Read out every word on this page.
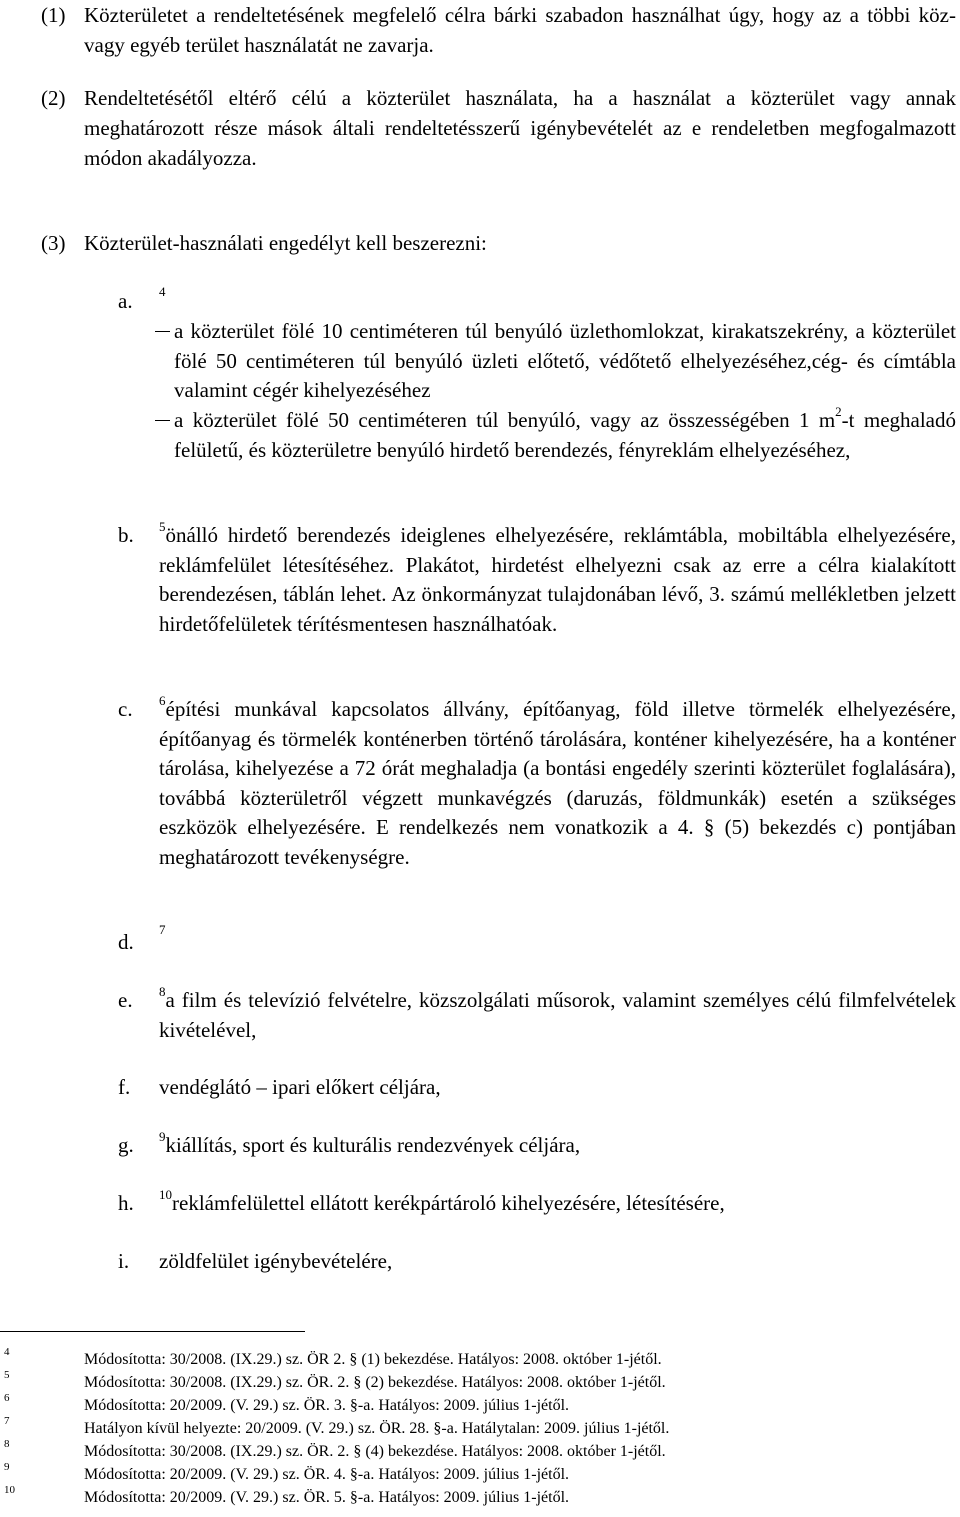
(1) Közterületet a rendeltetésének megfelelő célra bárki szabadon használhat úgy, hogy az a többi köz- vagy egyéb terület használatát ne zavarja.
(2) Rendeltetésétől eltérő célú a közterület használata, ha a használat a közterület vagy annak meghatározott része mások általi rendeltetésszerű igénybevételét az e rendeletben megfogalmazott módon akadályozza.
(3) Közterület-használati engedélyt kell beszerezni:
a. 4
a közterület fölé 10 centiméteren túl benyúló üzlethomlokzat, kirakatszekrény, a közterület fölé 50 centiméteren túl benyúló üzleti előtető, védőtető elhelyezéséhez,cég- és címtábla valamint cégér kihelyezéséhez
a közterület fölé 50 centiméteren túl benyúló, vagy az összességében 1 $m^2-t$ meghaladó felületű, és közterületre benyúló hirdető berendezés, fényreklám elhelyezéséhez,
b. $^5$önálló hirdető berendezés ideiglenes elhelyezésére, reklámtábla, mobiltábla elhelyezésére, reklámfelület létesítéséhez. Plakátot, hirdetést elhelyezni csak az erre a célra kialakított berendezésen, táblán lehet. Az önkormányzat tulajdonában lévő, 3. számú mellékletben jelzett hirdetőfelületek térítésmentesen használhatóak.
c. $^6$építési munkával kapcsolatos állvány, építőanyag, föld illetve törmelék elhelyezésére, építőanyag és törmelék konténerben történő tárolására, konténer kihelyezésére, ha a konténer tárolása, kihelyezése a 72 órát meghaladja (a bontási engedély szerinti közterület foglalására), továbbá közterületről végzett munkavégzés (daruzás, földmunkák) esetén a szükséges eszközök elhelyezésére. E rendelkezés nem vonatkozik a 4. § (5) bekezdés c) pontjában meghatározott tevékenységre.
d.
7
e. $^8$a film és televízió felvételre, közszolgálati műsorok, valamint személyes célú filmfelvételek kivételével,
f. vendéglátó – ipari előkert céljára,
g. $^9$kiállítás, sport és kulturális rendezvények céljára,
h. $^{10}$reklámfelülettel ellátott kerékpártároló kihelyezésére, létesítésére,
i. zöldfelület igénybevételére,
4	Módosította: 30/2008. (IX.29.) sz. ÖR 2. § (1) bekezdése. Hatályos: 2008. október 1-jétől.
5	Módosította: 30/2008. (IX.29.) sz. ÖR. 2. § (2) bekezdése. Hatályos: 2008. október 1-jétől.
6	Módosította: 20/2009. (V. 29.) sz. ÖR. 3. §-a. Hatályos: 2009. július 1-jétől.
7	Hatályon kívül helyezte: 20/2009. (V. 29.) sz. ÖR. 28. §-a. Hatálytalan: 2009. július 1-jétől.
8	Módosította: 30/2008. (IX.29.) sz. ÖR. 2. § (4) bekezdése. Hatályos: 2008. október 1-jétől.
9	Módosította: 20/2009. (V. 29.) sz. ÖR. 4. §-a. Hatályos: 2009. július 1-jétől.
10	Módosította: 20/2009. (V. 29.) sz. ÖR. 5. §-a. Hatályos: 2009. július 1-jétől.
